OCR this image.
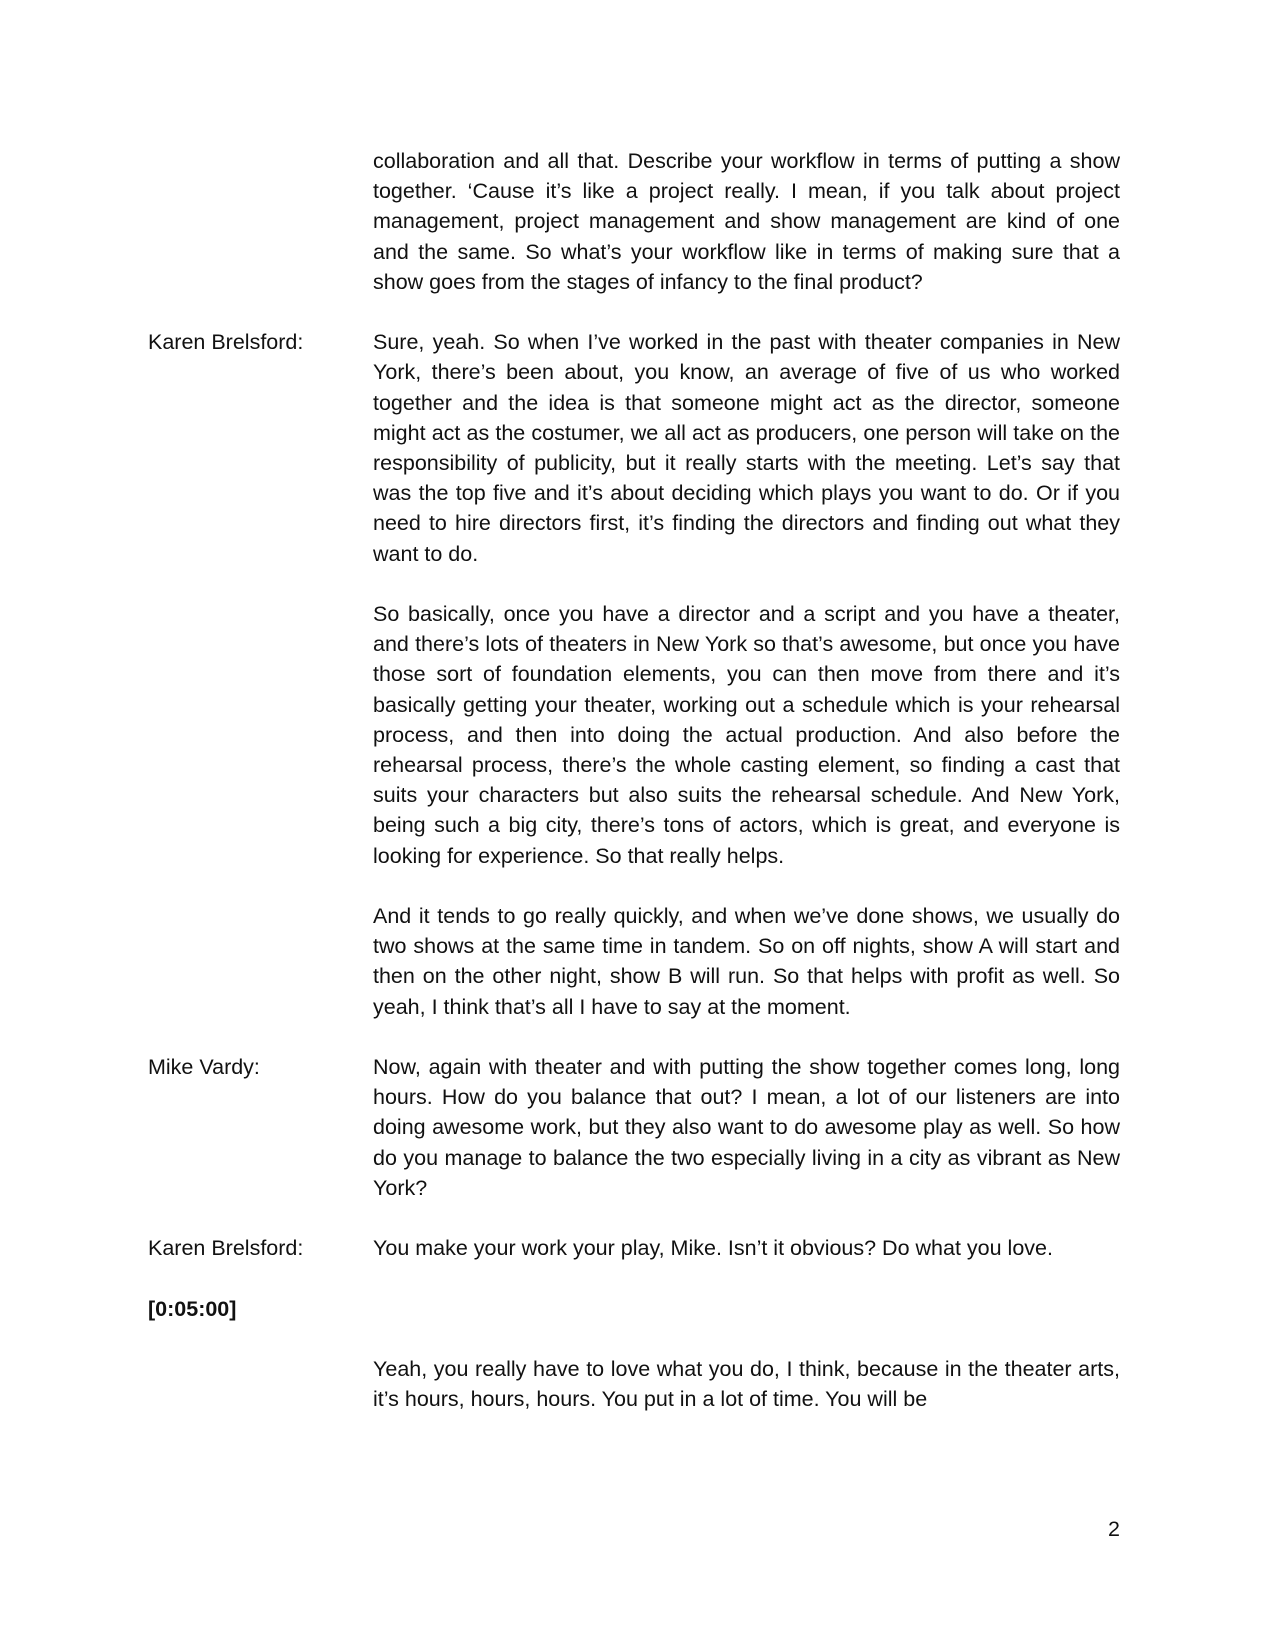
collaboration and all that. Describe your workflow in terms of putting a show together. ‘Cause it’s like a project really. I mean, if you talk about project management, project management and show management are kind of one and the same. So what’s your workflow like in terms of making sure that a show goes from the stages of infancy to the final product?

Karen Brelsford:	Sure, yeah. So when I’ve worked in the past with theater companies in New York, there’s been about, you know, an average of five of us who worked together and the idea is that someone might act as the director, someone might act as the costumer, we all act as producers, one person will take on the responsibility of publicity, but it really starts with the meeting. Let’s say that was the top five and it’s about deciding which plays you want to do. Or if you need to hire directors first, it’s finding the directors and finding out what they want to do.

So basically, once you have a director and a script and you have a theater, and there’s lots of theaters in New York so that’s awesome, but once you have those sort of foundation elements, you can then move from there and it’s basically getting your theater, working out a schedule which is your rehearsal process, and then into doing the actual production. And also before the rehearsal process, there’s the whole casting element, so finding a cast that suits your characters but also suits the rehearsal schedule. And New York, being such a big city, there’s tons of actors, which is great, and everyone is looking for experience. So that really helps.

And it tends to go really quickly, and when we’ve done shows, we usually do two shows at the same time in tandem. So on off nights, show A will start and then on the other night, show B will run. So that helps with profit as well. So yeah, I think that’s all I have to say at the moment.

Mike Vardy:	Now, again with theater and with putting the show together comes long, long hours. How do you balance that out? I mean, a lot of our listeners are into doing awesome work, but they also want to do awesome play as well. So how do you manage to balance the two especially living in a city as vibrant as New York?

Karen Brelsford:	You make your work your play, Mike. Isn’t it obvious? Do what you love.

[0:05:00]

Yeah, you really have to love what you do, I think, because in the theater arts, it’s hours, hours, hours. You put in a lot of time. You will be

2
